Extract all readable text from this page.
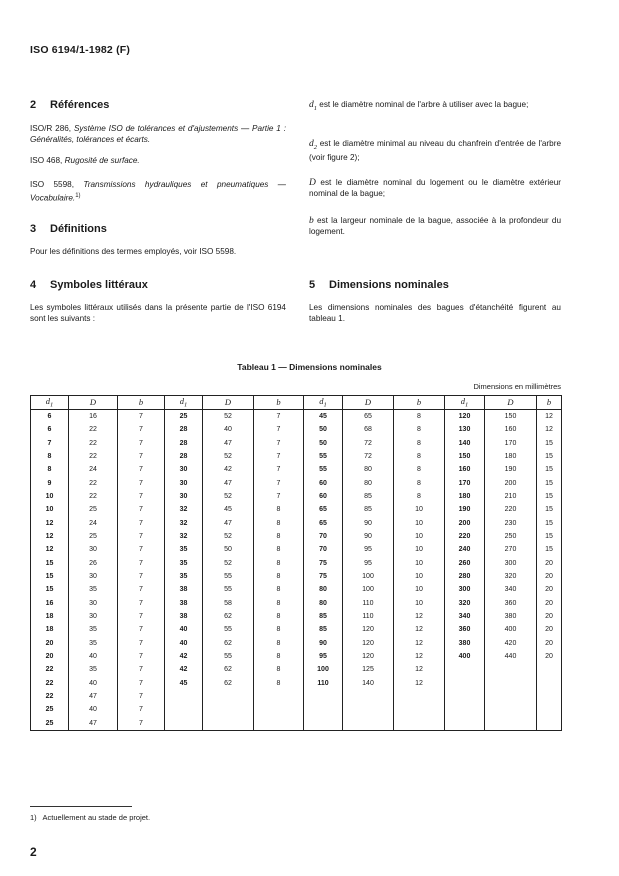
ISO 6194/1-1982 (F)
2 Références
ISO/R 286, Système ISO de tolérances et d'ajustements — Partie 1 : Généralités, tolérances et écarts.
ISO 468, Rugosité de surface.
ISO 5598, Transmissions hydrauliques et pneumatiques — Vocabulaire.$^{1)}$
3 Définitions
Pour les définitions des termes employés, voir ISO 5598.
4 Symboles littéraux
Les symboles littéraux utilisés dans la présente partie de l'ISO 6194 sont les suivants :
$d_1$ est le diamètre nominal de l'arbre à utiliser avec la bague;
$d_2$ est le diamètre minimal au niveau du chanfrein d'entrée de l'arbre (voir figure 2);
D est le diamètre nominal du logement ou le diamètre extérieur nominal de la bague;
b est la largeur nominale de la bague, associée à la profondeur du logement.
5 Dimensions nominales
Les dimensions nominales des bagues d'étanchéité figurent au tableau 1.
Tableau 1 — Dimensions nominales
Dimensions en millimètres
$d_1$	D	b	$d_1$	D	b	$d_1$	D	b	$d_1$	D	b
6	16	7	25	52	7	45	65	8	120	150	12
6	22	7	28	40	7	50	68	8	130	160	12
7	22	7	28	47	7	50	72	8	140	170	15
8	22	7	28	52	7	55	72	8	150	180	15
8	24	7	30	42	7	55	80	8	160	190	15
9	22	7	30	47	7	60	80	8	170	200	15
10	22	7	30	52	7	60	85	8	180	210	15
10	25	7	32	45	8	65	85	10	190	220	15
12	24	7	32	47	8	65	90	10	200	230	15
12	25	7	32	52	8	70	90	10	220	250	15
12	30	7	35	50	8	70	95	10	240	270	15
15	26	7	35	52	8	75	95	10	260	300	20
15	30	7	35	55	8	75	100	10	280	320	20
15	35	7	38	55	8	80	100	10	300	340	20
16	30	7	38	58	8	80	110	10	320	360	20
18	30	7	38	62	8	85	110	12	340	380	20
18	35	7	40	55	8	85	120	12	360	400	20
20	35	7	40	62	8	90	120	12	380	420	20
20	40	7	42	55	8	95	120	12	400	440	20
22	35	7	42	62	8	100	125	12			
22	40	7	45	62	8	110	140	12			
22	47	7									
25	40	7									
25	47	7									
1) Actuellement au stade de projet.
2
